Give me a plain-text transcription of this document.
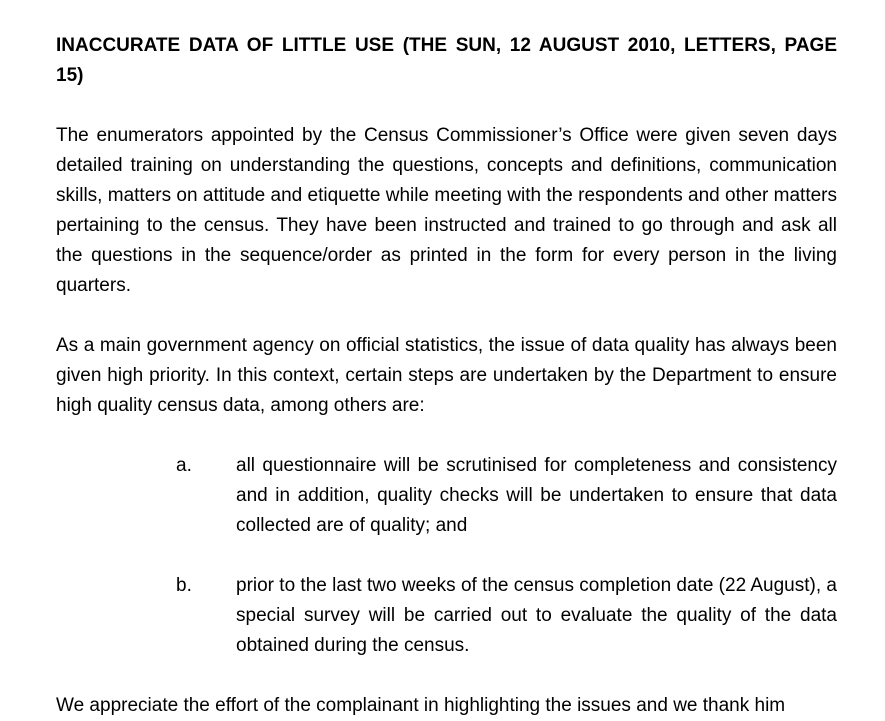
INACCURATE DATA OF LITTLE USE (THE SUN, 12 AUGUST 2010, LETTERS, PAGE 15)

The enumerators appointed by the Census Commissioner’s Office were given seven days detailed training on understanding the questions, concepts and definitions, communication skills, matters on attitude and etiquette while meeting with the respondents and other matters pertaining to the census. They have been instructed and trained to go through and ask all the questions in the sequence/order as printed in the form for every person in the living quarters.

As a main government agency on official statistics, the issue of data quality has always been given high priority. In this context, certain steps are undertaken by the Department to ensure high quality census data, among others are:

a. all questionnaire will be scrutinised for completeness and consistency and in addition, quality checks will be undertaken to ensure that data collected are of quality; and
b. prior to the last two weeks of the census completion date (22 August), a special survey will be carried out to evaluate the quality of the data obtained during the census.

We appreciate the effort of the complainant in highlighting the issues and we thank him
